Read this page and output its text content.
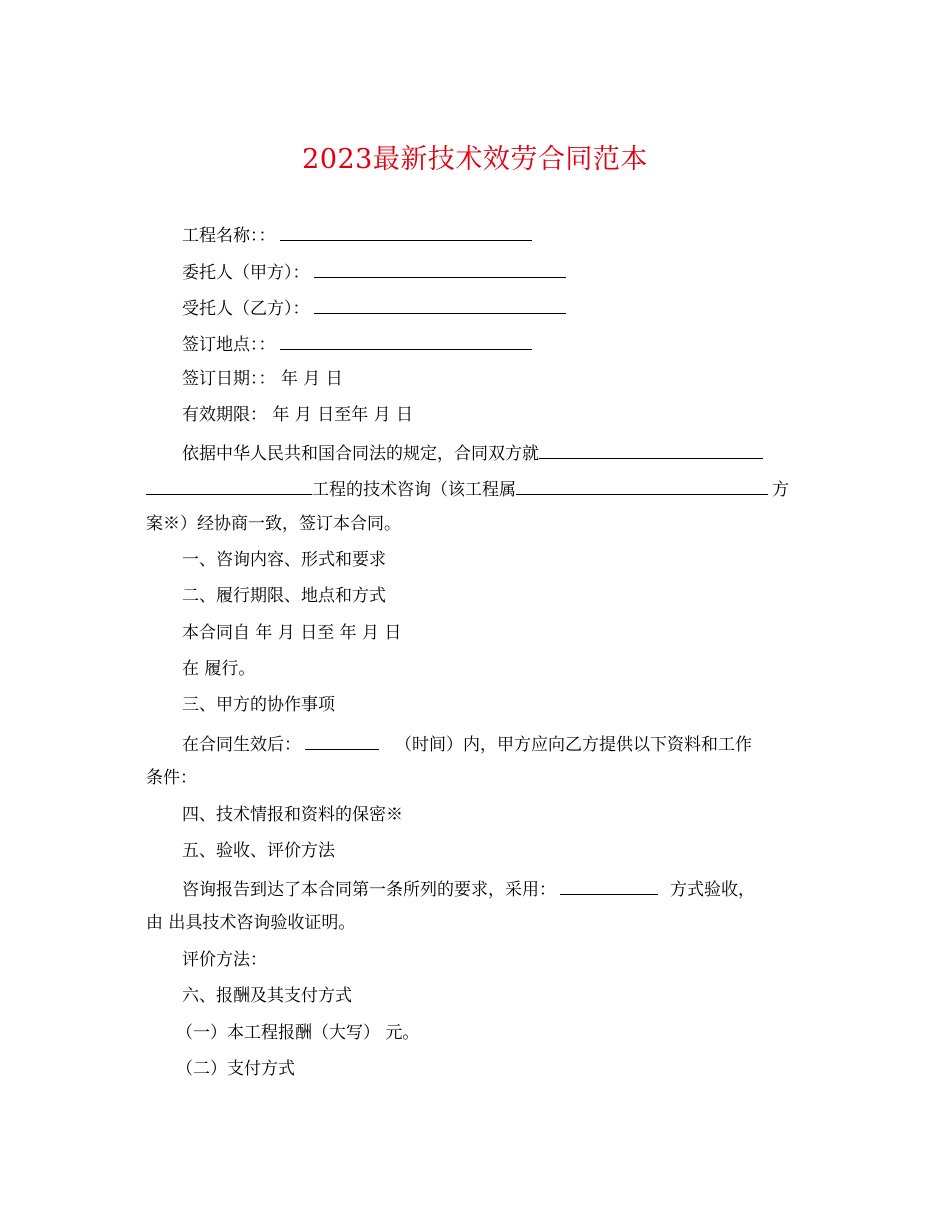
2023最新技术效劳合同范本
工程名称：：
委托人（甲方）：
受托人（乙方）：
签订地点：：
签订日期：： 年 月 日
有效期限： 年 月 日至年 月 日
依据中华人民共和国合同法的规定，合同双方就
工程的技术咨询（该工程属	方
案※）经协商一致，签订本合同。
一、咨询内容、形式和要求
二、履行期限、地点和方式
本合同自 年 月 日至 年 月 日
在 履行。
三、甲方的协作事项
在合同生效后：	（时间）内，甲方应向乙方提供以下资料和工作
条件：
四、技术情报和资料的保密※
五、验收、评价方法
咨询报告到达了本合同第一条所列的要求，采用：	方式验收，
由 出具技术咨询验收证明。
评价方法：
六、报酬及其支付方式
（一）本工程报酬（大写） 元。
（二）支付方式
